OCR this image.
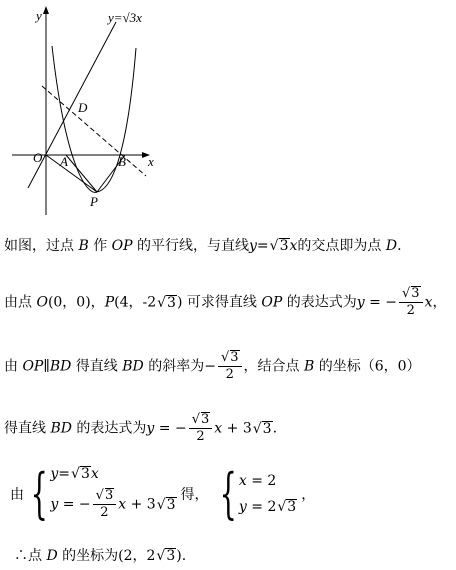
y
x
y=√3x
O A	B
D
P
如图，过点 B 作 OP 的平行线，与直线y= √ 3x的交点即为点 D.
由点 O(0，0)，P(4，-2 √ 3) 可求得直线 OP 的表达式为y = − √ $\frac{3}{2}$ x，
由 OP∥BD 得直线 BD 的斜率为− √ $\frac{3}{2}$ ，结合点 B 的坐标（6，0）
得直线 BD 的表达式为y = − √ $\frac{3}{2}$ x + 3 √ 3.
由 { y= √ 3x
y = − √ $\frac{3}{2}$ x + 3 √ 3
得， { x = 2
y = 2 √ 3
，
∴点 D 的坐标为(2，2 √ 3).
